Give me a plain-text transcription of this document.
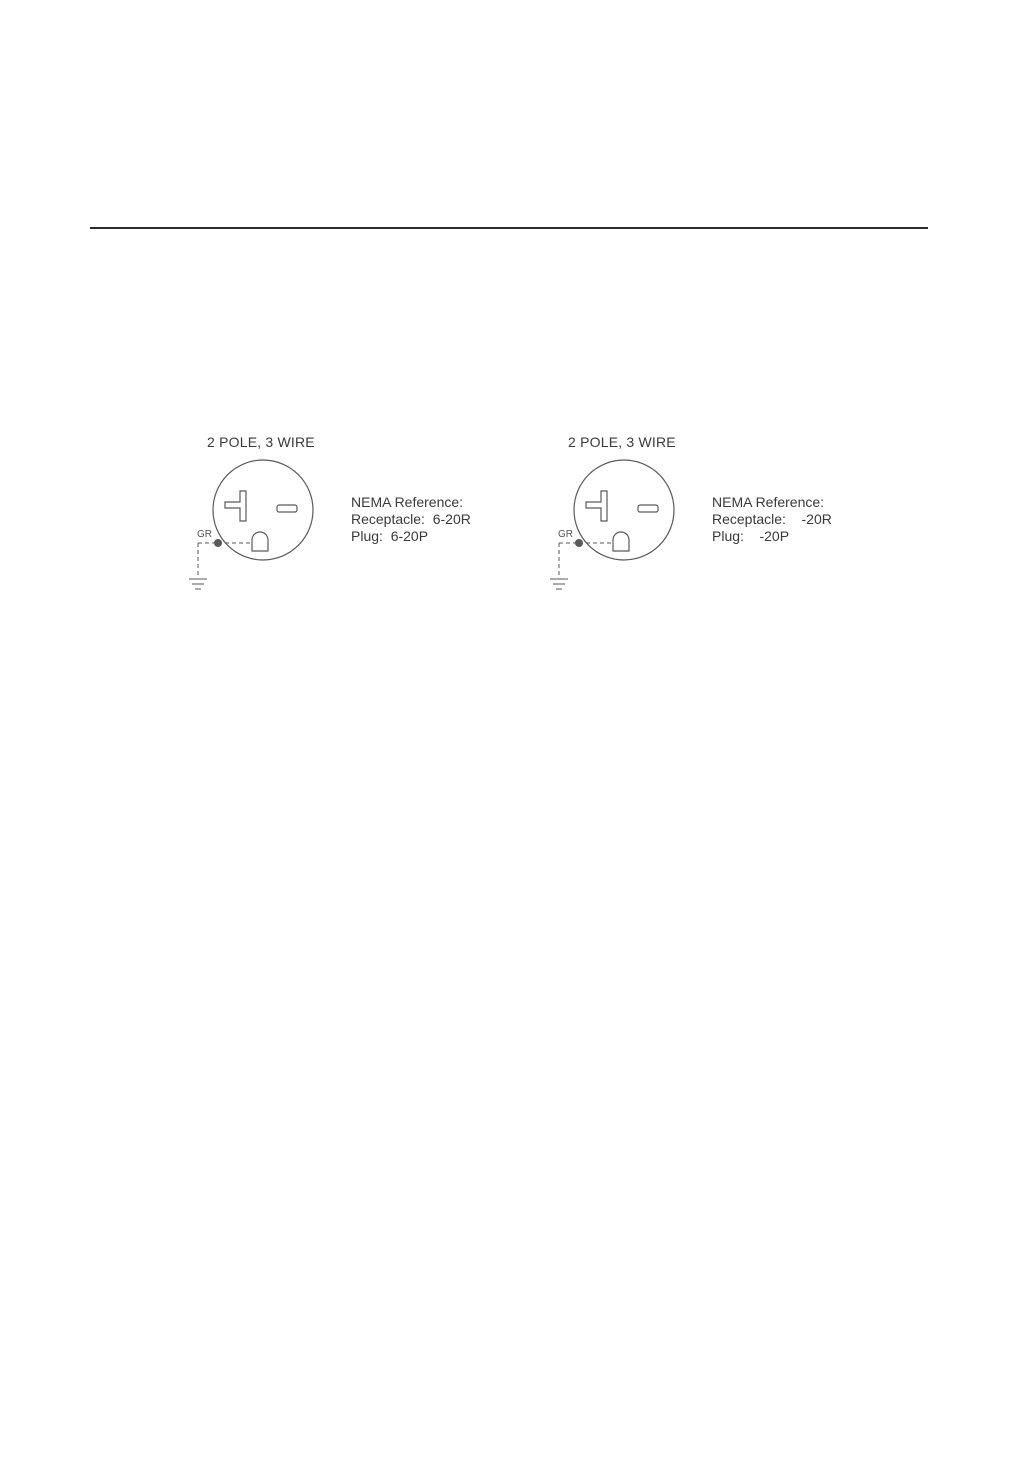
2 POLE, 3 WIRE
GR
NEMA Reference:
Receptacle:  6-20R
Plug:  6-20P
2 POLE, 3 WIRE
GR
NEMA Reference:
Receptacle:    -20R
Plug:    -20P
